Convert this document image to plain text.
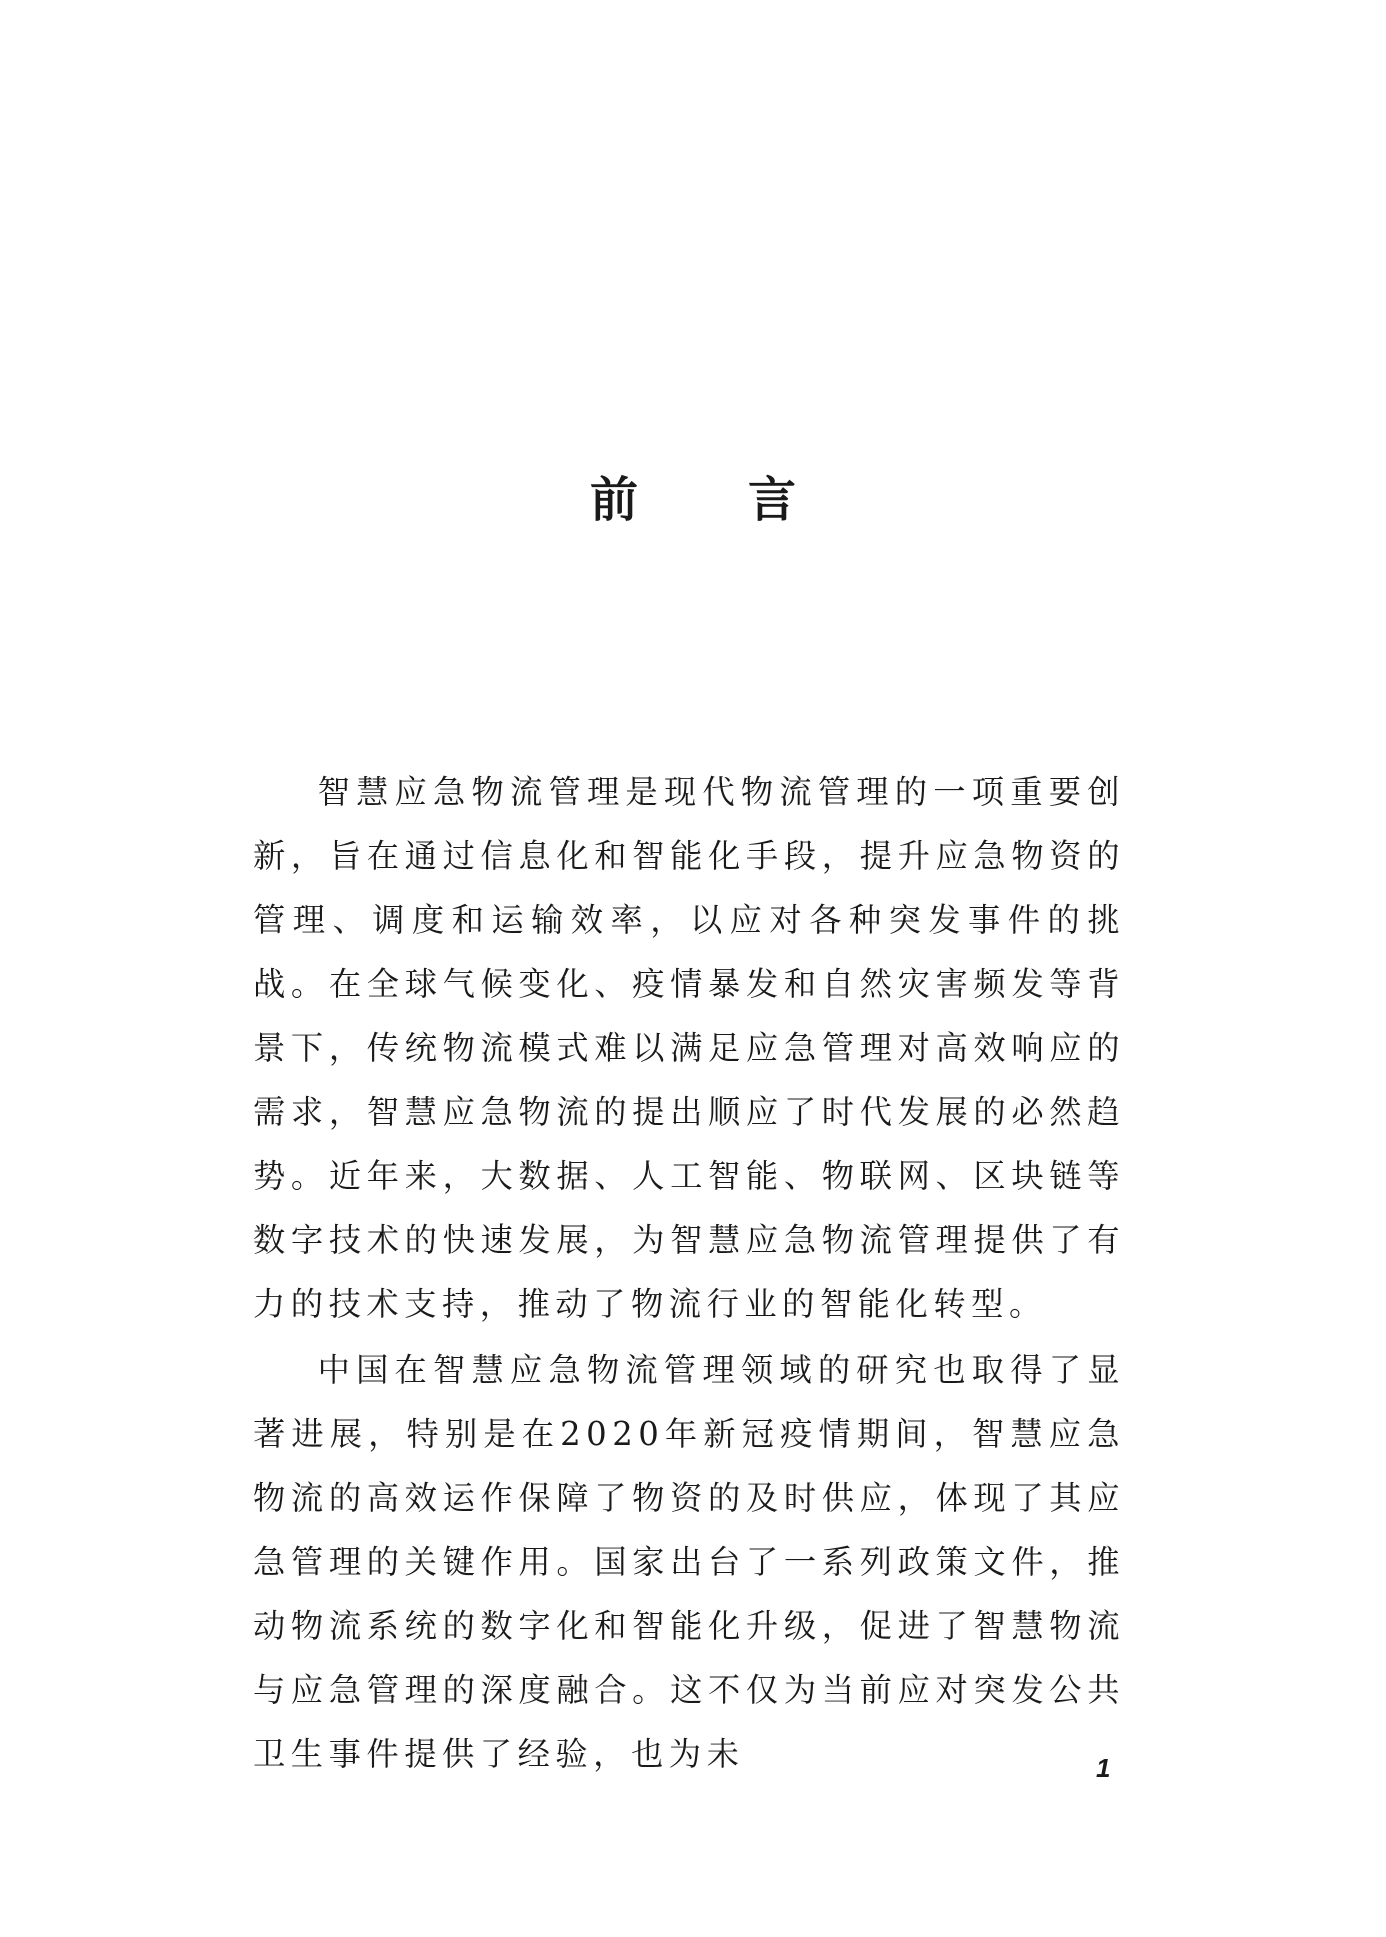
前言

智慧应急物流管理是现代物流管理的一项重要创新，旨在通过信息化和智能化手段，提升应急物资的管理、调度和运输效率，以应对各种突发事件的挑战。在全球气候变化、疫情暴发和自然灾害频发等背景下，传统物流模式难以满足应急管理对高效响应的需求，智慧应急物流的提出顺应了时代发展的必然趋势。近年来，大数据、人工智能、物联网、区块链等数字技术的快速发展，为智慧应急物流管理提供了有力的技术支持，推动了物流行业的智能化转型。

中国在智慧应急物流管理领域的研究也取得了显著进展，特别是在2020年新冠疫情期间，智慧应急物流的高效运作保障了物资的及时供应，体现了其应急管理的关键作用。国家出台了一系列政策文件，推动物流系统的数字化和智能化升级，促进了智慧物流与应急管理的深度融合。这不仅为当前应对突发公共卫生事件提供了经验，也为未	1
